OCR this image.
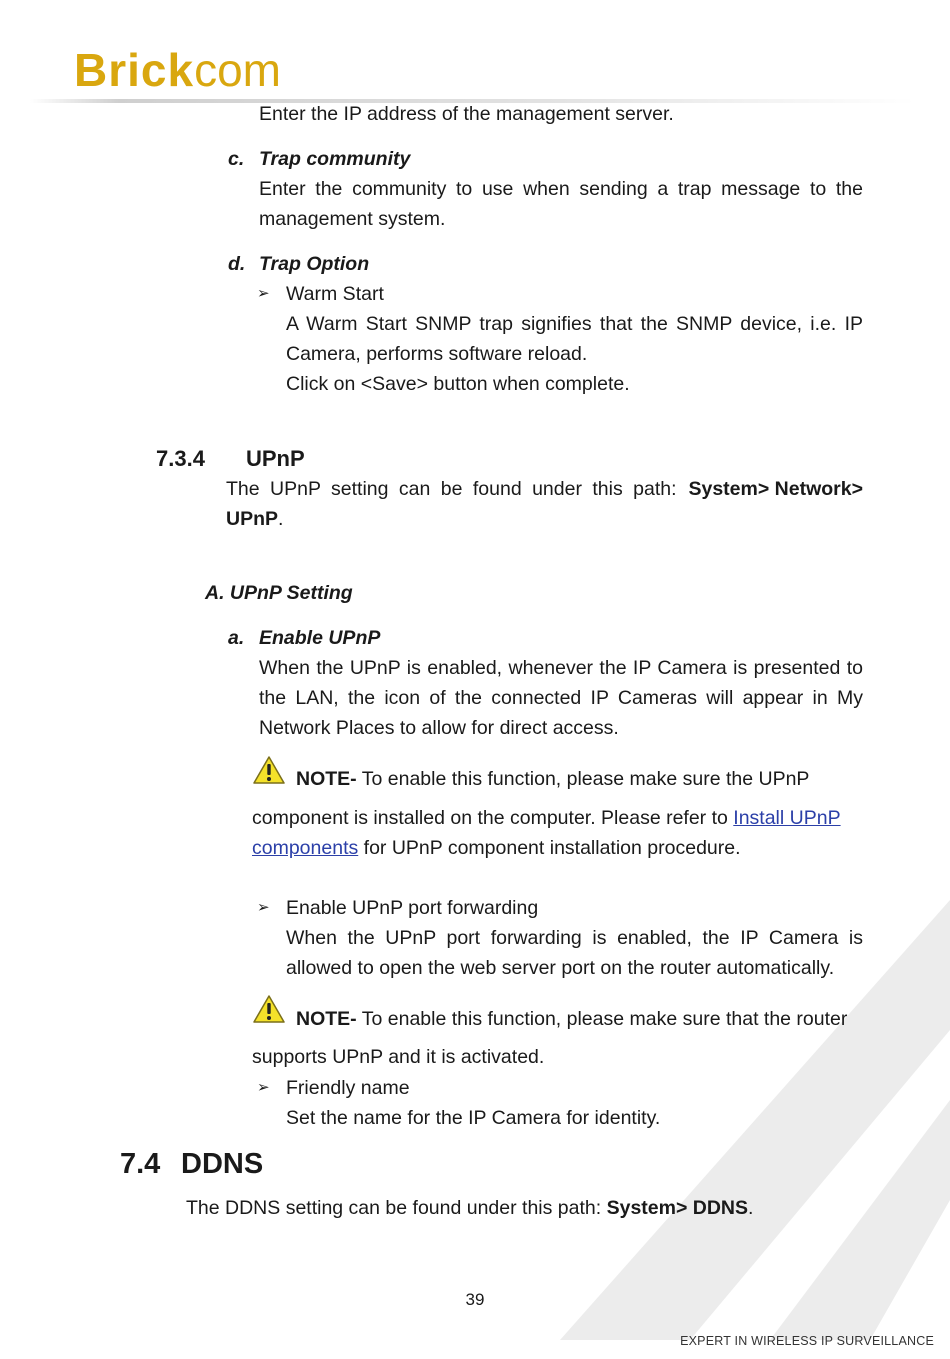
Brickcom
Enter the IP address of the management server.
c. Trap community
Enter the community to use when sending a trap message to the
management system.
d. Trap Option
➢ Warm Start
A Warm Start SNMP trap signifies that the SNMP device, i.e. IP
Camera, performs software reload.
Click on <Save> button when complete.
7.3.4 UPnP
The UPnP setting can be found under this path: System> Network>
UPnP.
A. UPnP Setting
a. Enable UPnP
When the UPnP is enabled, whenever the IP Camera is presented to
the LAN, the icon of the connected IP Cameras will appear in My
Network Places to allow for direct access.
NOTE- To enable this function, please make sure the UPnP
component is installed on the computer. Please refer to Install UPnP
components for UPnP component installation procedure.
➢ Enable UPnP port forwarding
When the UPnP port forwarding is enabled, the IP Camera is
allowed to open the web server port on the router automatically.
NOTE- To enable this function, please make sure that the router
supports UPnP and it is activated.
➢ Friendly name
Set the name for the IP Camera for identity.
7.4 DDNS
The DDNS setting can be found under this path: System> DDNS.
39
EXPERT IN WIRELESS IP SURVEILLANCE
